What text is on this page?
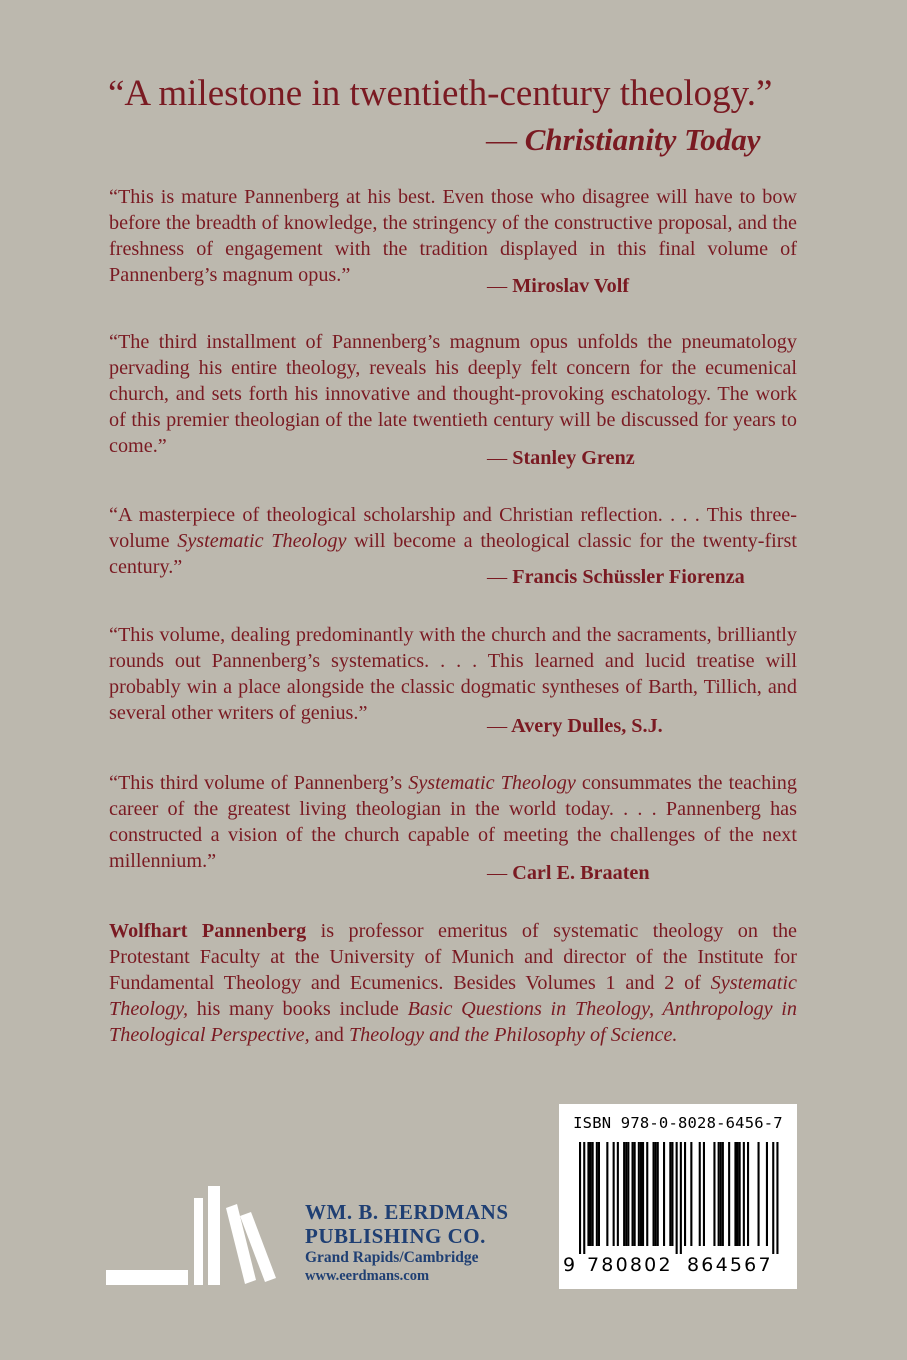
“A milestone in twentieth-century theology.”
— Christianity Today
“This is mature Pannenberg at his best. Even those who disagree will have to bow before the breadth of knowledge, the stringency of the constructive proposal, and the freshness of engagement with the tradition displayed in this final volume of Pannenberg’s magnum opus.”	— Miroslav Volf
“The third installment of Pannenberg’s magnum opus unfolds the pneumatology pervading his entire theology, reveals his deeply felt concern for the ecumenical church, and sets forth his innovative and thought-provoking eschatology. The work of this premier theologian of the late twentieth century will be discussed for years to come.”
— Stanley Grenz
“A masterpiece of theological scholarship and Christian reflection. . . . This three-volume Systematic Theology will become a theological classic for the twenty-first century.”	— Francis Schüssler Fiorenza
“This volume, dealing predominantly with the church and the sacraments, brilliantly rounds out Pannenberg’s systematics. . . . This learned and lucid treatise will probably win a place alongside the classic dogmatic syntheses of Barth, Tillich, and several other writers of genius.”
— Avery Dulles, S.J.
“This third volume of Pannenberg’s Systematic Theology consummates the teaching career of the greatest living theologian in the world today. . . . Pannenberg has constructed a vision of the church capable of meeting the challenges of the next millennium.”
— Carl E. Braaten
Wolfhart Pannenberg is professor emeritus of systematic theology on the Protestant Faculty at the University of Munich and director of the Institute for Fundamental Theology and Ecumenics. Besides Volumes 1 and 2 of Systematic Theology, his many books include Basic Questions in Theology, Anthropology in Theological Perspective, and Theology and the Philosophy of Science.
WM. B. EERDMANS
PUBLISHING CO.
Grand Rapids/Cambridge
www.eerdmans.com
ISBN 978-0-8028-6456-7
9 780802 864567
